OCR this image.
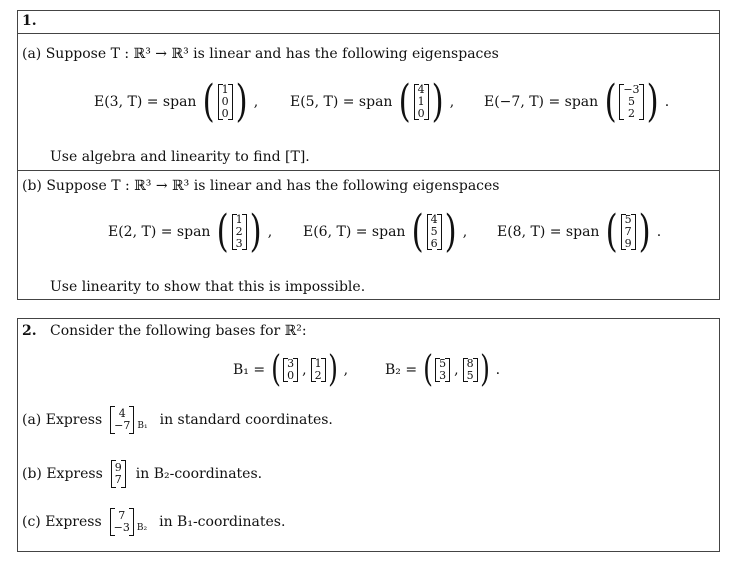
1.
(a) Suppose T : ℝ³ → ℝ³ is linear and has the following eigenspaces
E(3, T) = span ( 1
0
0 ) , E(5, T) = span ( 4
1
0 ) , E(−7, T) = span ( −3
5
2 ) .
Use algebra and linearity to find [T].
(b) Suppose T : ℝ³ → ℝ³ is linear and has the following eigenspaces
E(2, T) = span ( 1
2
3 ) , E(6, T) = span ( 4
5
6 ) , E(8, T) = span ( 5
7
9 ) .
Use linearity to show that this is impossible.
2. Consider the following bases for ℝ²:
B₁ = ( 3
0 , 1
2 ) ,	B₂ = ( 5
3 , 8
5 ) .
(a) Express	4
−7 B₁ in standard coordinates.
(b) Express 9
7 in B₂-coordinates.
(c) Express	7
−3 B₂ in B₁-coordinates.
